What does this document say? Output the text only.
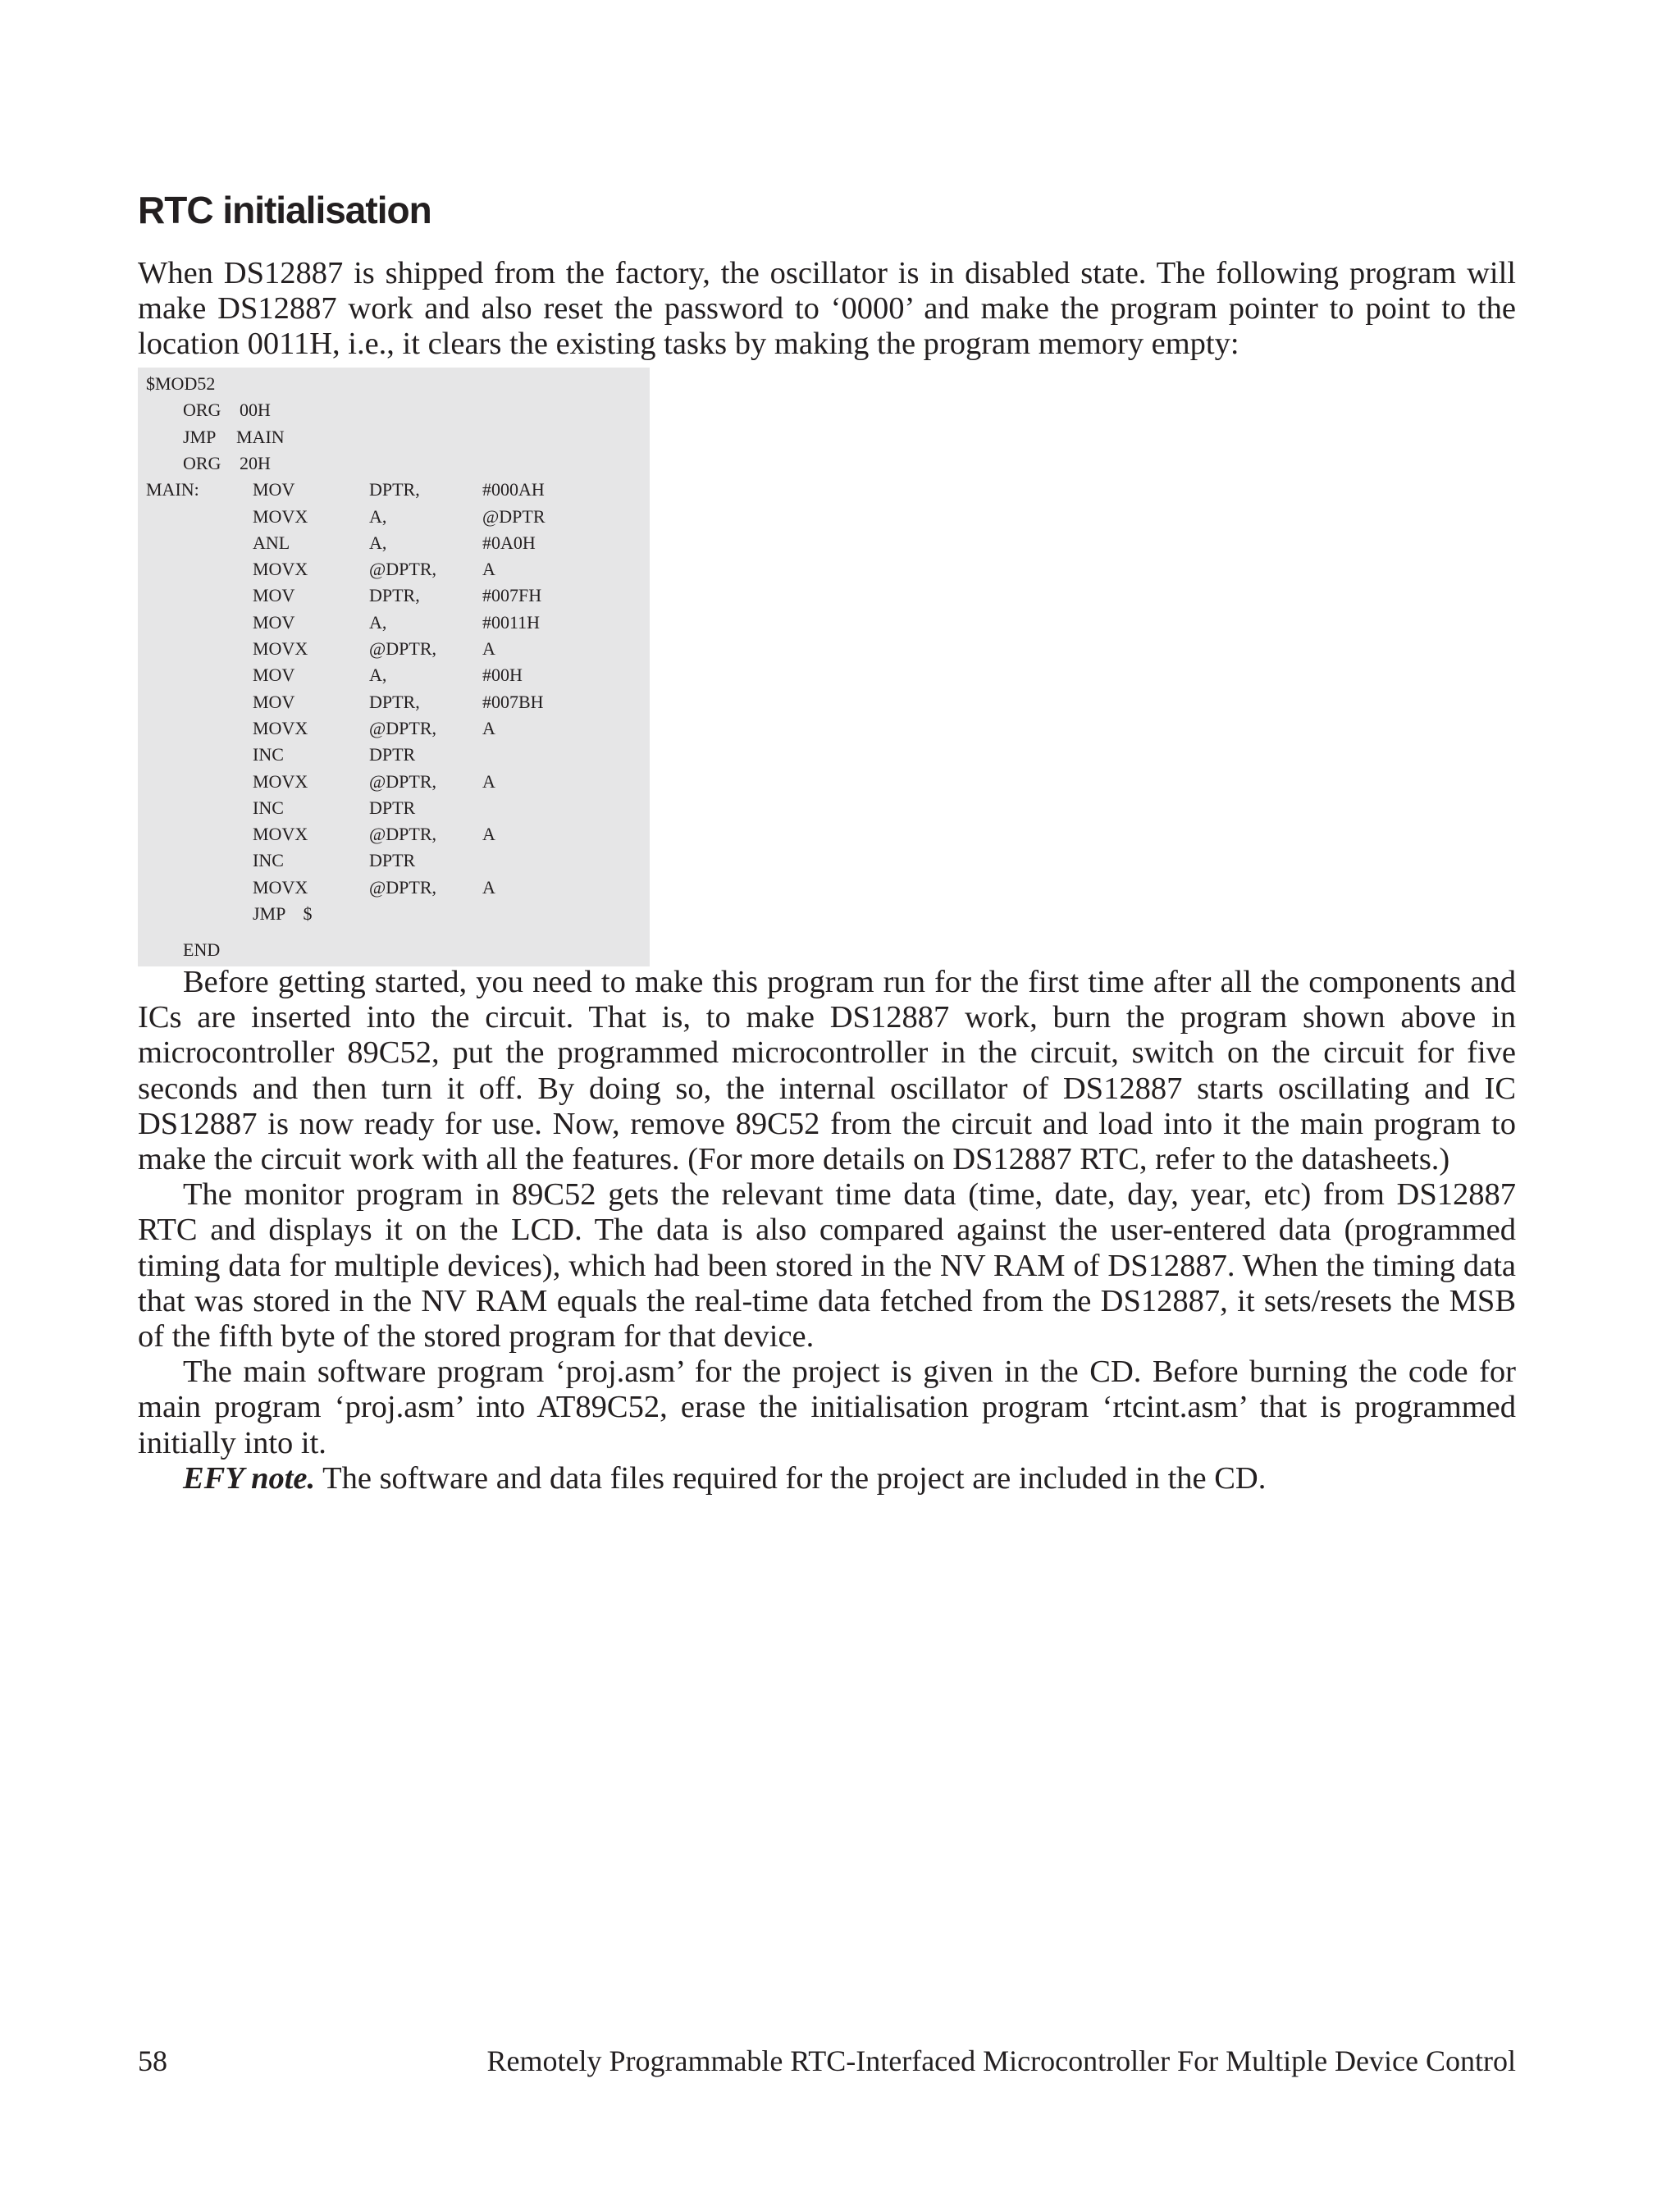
RTC initialisation

When DS12887 is shipped from the factory, the oscillator is in disabled state. The following program will make DS12887 work and also reset the password to ‘0000’ and make the program pointer to point to the location 0011H, i.e., it clears the existing tasks by making the program memory empty:

$MOD52
ORG 00H
JMP MAIN
ORG 20H
MAIN:	MOV	DPTR,	#000AH
MOVX	A,	@DPTR
ANL	A,	#0A0H
MOVX	@DPTR,	A
MOV	DPTR,	#007FH
MOV	A,	#0011H
MOVX	@DPTR,	A
MOV	A,	#00H
MOV	DPTR,	#007BH
MOVX	@DPTR,	A
INC	DPTR
MOVX	@DPTR,	A
INC	DPTR
MOVX	@DPTR,	A
INC	DPTR
MOVX	@DPTR,	A
JMP    $
END

Before getting started, you need to make this program run for the first time after all the components and ICs are inserted into the circuit. That is, to make DS12887 work, burn the program shown above in microcontroller 89C52, put the programmed microcontroller in the circuit, switch on the circuit for five seconds and then turn it off. By doing so, the internal oscillator of DS12887 starts oscillating and IC DS12887 is now ready for use. Now, remove 89C52 from the circuit and load into it the main program to make the circuit work with all the features. (For more details on DS12887 RTC, refer to the datasheets.)

The monitor program in 89C52 gets the relevant time data (time, date, day, year, etc) from DS12887 RTC and displays it on the LCD. The data is also compared against the user-entered data (programmed timing data for multiple devices), which had been stored in the NV RAM of DS12887. When the timing data that was stored in the NV RAM equals the real-time data fetched from the DS12887, it sets/resets the MSB of the fifth byte of the stored program for that device.

The main software program ‘proj.asm’ for the project is given in the CD. Before burning the code for main program ‘proj.asm’ into AT89C52, erase the initialisation program ‘rtcint.asm’ that is programmed initially into it.

EFY note. The software and data files required for the project are included in the CD.

58	Remotely Programmable RTC-Interfaced Microcontroller For Multiple Device Control
